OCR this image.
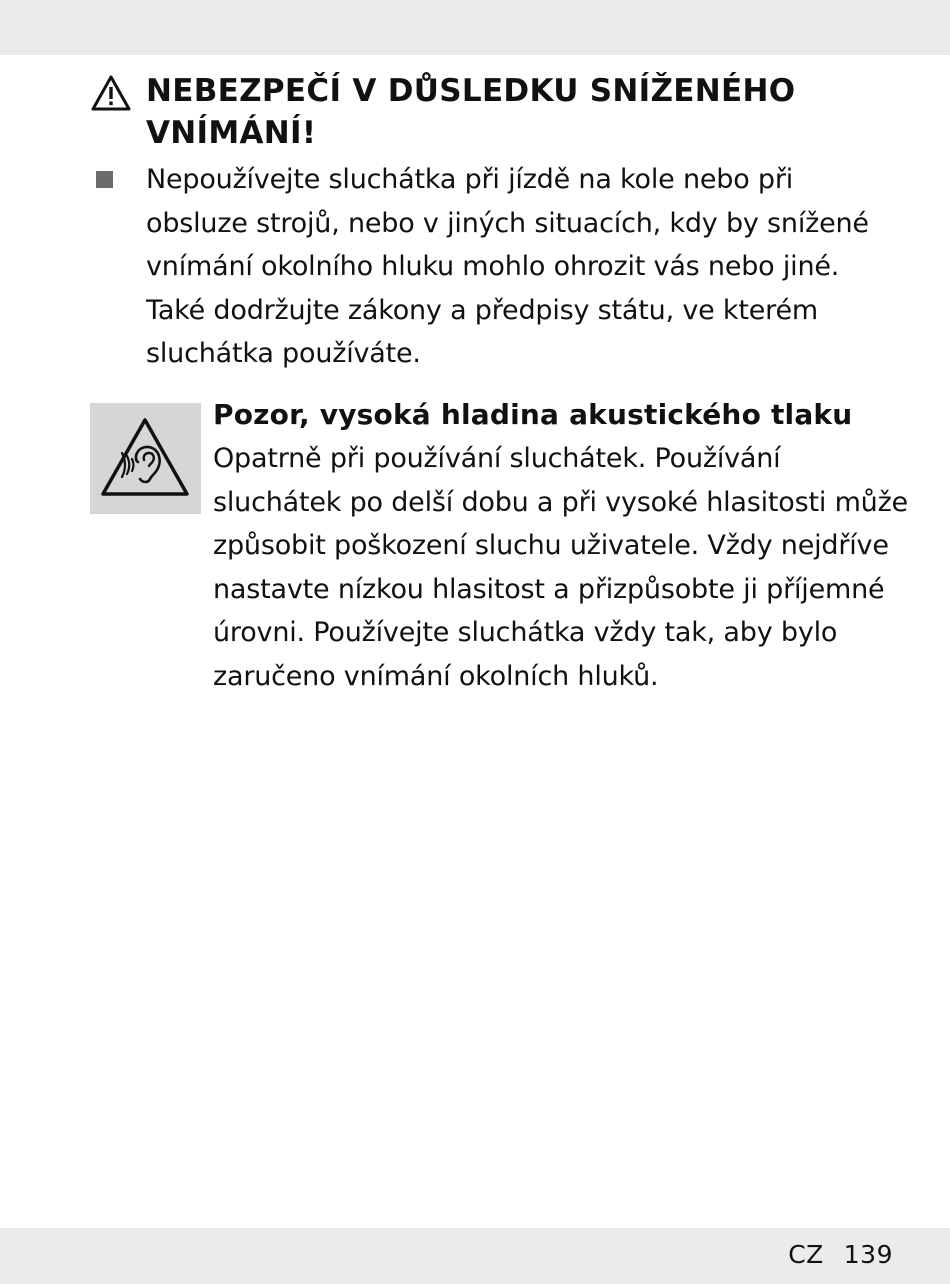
NEBEZPEČÍ V DŮSLEDKU SNÍŽENÉHO VNÍMÁNÍ!
Nepoužívejte sluchátka při jízdě na kole nebo při obsluze strojů, nebo v jiných situacích, kdy by snížené vnímání okolního hluku mohlo ohrozit vás nebo jiné. Také dodržujte zákony a předpisy státu, ve kterém sluchátka používáte.
Pozor, vysoká hladina akustického tlaku
Opatrně při používání sluchátek. Používání sluchátek po delší dobu a při vysoké hlasitosti může způsobit poškození sluchu uživatele. Vždy nejdříve nastavte nízkou hlasitost a přizpůsobte ji příjemné úrovni. Používejte sluchátka vždy tak, aby bylo zaručeno vnímání okolních hluků.
CZ 139
